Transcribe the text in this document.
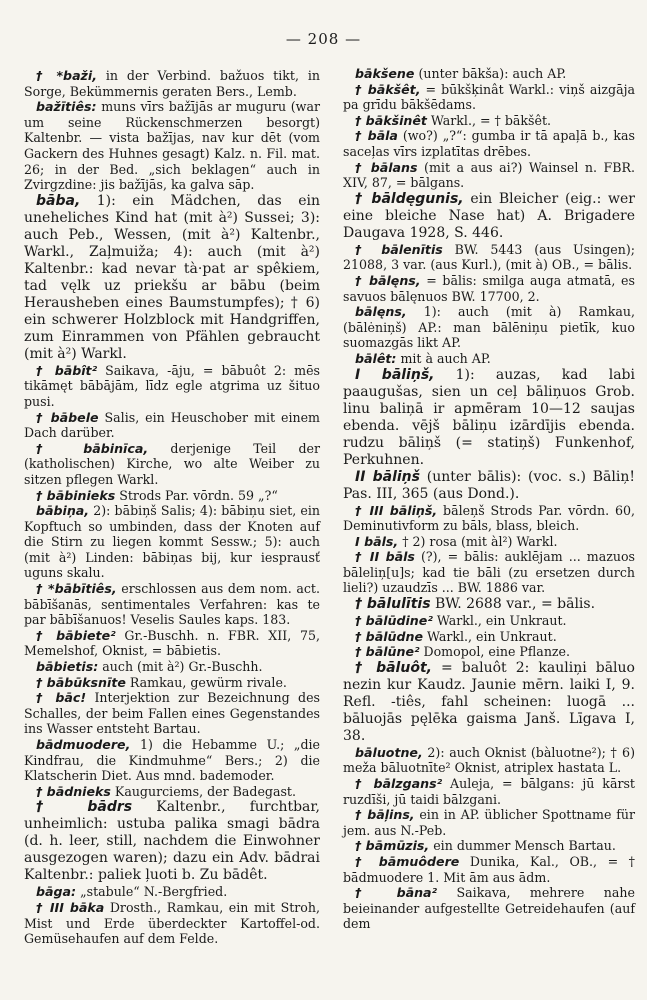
— 208 —

† *baži, in der Verbind. bažuos tikt, in Sorge, Bekümmernis geraten Bers., Lemb.

bažītiês: muns vīrs bažījās ar muguru (war um seine Rückenschmerzen besorgt) Kaltenbr. — vista bažījas, nav kur dēt (vom Gackern des Huhnes gesagt) Kalz. n. Fil. mat. 26; in der Bed. „sich beklagen“ auch in Zvirgzdine: jis bažījās, ka galva sāp.

bāba, 1): ein Mädchen, das ein uneheliches Kind hat (mit à²) Sussei; 3): auch Peb., Wessen, (mit à²) Kaltenbr., Warkl., Zaļmuiža; 4): auch (mit à²) Kaltenbr.: kad nevar tà·pat ar spêkiem, tad vęlk uz priekšu ar bābu (beim Herausheben eines Baumstumpfes); † 6) ein schwerer Holzblock mit Handgriffen, zum Einrammen von Pfählen gebraucht (mit à²) Warkl.

† bābît² Saikava, -āju, = bābuôt 2: mēs tikāmęt bābājām, līdz egle atgrima uz šituo pusi.

† bābele Salis, ein Heuschober mit einem Dach darüber.

† bābinīca, derjenige Teil der (katholischen) Kirche, wo alte Weiber zu sitzen pflegen Warkl.

† bābinieks Strods Par. vōrdn. 59 „?“

bābiņa, 2): bābiņš Salis; 4): bābiņu siet, ein Kopftuch so umbinden, dass der Knoten auf die Stirn zu liegen kommt Sessw.; 5): auch (mit à²) Linden: bābiņas bij, kur iesprausť uguns skalu.

† *bābītiês, erschlossen aus dem nom. act. bābīšanās, sentimentales Verfahren: kas te par bābīšanuos! Veselis Saules kaps. 183.

† bābiete² Gr.-Buschh. n. FBR. XII, 75, Memelshof, Oknist, = bābietis.

bābietis: auch (mit à²) Gr.-Buschh.

† bābūksnīte Ramkau, gewürm rivale.

† bāc! Interjektion zur Bezeichnung des Schalles, der beim Fallen eines Gegenstandes ins Wasser entsteht Bartau.

bādmuodere, 1) die Hebamme U.; „die Kindfrau, die Kindmuhme“ Bers.; 2) die Klatscherin Diet. Aus mnd. bademoder.

† bādnieks Kaugurciems, der Badegast.

† bādrs Kaltenbr., furchtbar, unheimlich: ustuba palika smagi bādra (d. h. leer, still, nachdem die Einwohner ausgezogen waren); dazu ein Adv. bādrai Kaltenbr.: paliek ļuoti b. Zu bādêt.

bāga: „stabule“ N.-Bergfried.

† III bāka Drosth., Ramkau, ein mit Stroh, Mist und Erde überdeckter Kartoffel-od. Gemüsehaufen auf dem Felde.

bākšene (unter bākša): auch AP.

† bākšêt, = būkšķinât Warkl.: viņš aizgāja pa grīdu bākšēdams.

† bākšinêt Warkl., = † bākšêt.

† bāla (wo?) „?“: gumba ir tā apaļā b., kas saceļas vīrs izplatītas drēbes.

† bālans (mit a aus ai?) Wainsel n. FBR. XIV, 87, = bālgans.

† bāldęgunis, ein Bleicher (eig.: wer eine bleiche Nase hat) A. Brigadere Daugava 1928, S. 446.

† bālenītis BW. 5443 (aus Usingen); 21088, 3 var. (aus Kurl.), (mit à) OB., = bālis.

† bālęns, = bālis: smilga auga atmatā, es savuos bālęnuos BW. 17700, 2.

bālęns, 1): auch (mit à) Ramkau, (bālėniņš) AP.: man bālēniņu pietīk, kuo suomazgās likt AP.

bālêt: mit à auch AP.

I bāliņš, 1): auzas, kad labi paaugušas, sien un ceļ bāliņuos Grob. linu baliņā ir apmēram 10—12 saujas ebenda. vējš bāliņu izārdījis ebenda. rudzu bāliņš (= statiņš) Funkenhof, Perkuhnen.

II bāliņš (unter bālis): (voc. s.) Bāliņ! Pas. III, 365 (aus Dond.).

† III bāliņš, bāleņš Strods Par. vōrdn. 60, Deminutivform zu bāls, blass, bleich.

I bāls, † 2) rosa (mit àl²) Warkl.

† II bāls (?), = bālis: auklējam ... mazuos bāleliņ[u]s; kad tie bāli (zu ersetzen durch lieli?) uzaudzīs ... BW. 1886 var.

† bālulītis BW. 2688 var., = bālis.

† bālūdine² Warkl., ein Unkraut.

† bālūdne Warkl., ein Unkraut.

† bālūne² Domopol, eine Pflanze.

† bāluôt, = baluôt 2: kauliņi bāluo nezin kur Kaudz. Jaunie mērn. laiki I, 9. Refl. -tiês, fahl scheinen: luogā ... bāluojās pęlēka gaisma Janš. Līgava I, 38.

bāluotne, 2): auch Oknist (bàluotne²); † 6) meža bāluotnīte² Oknist, atriplex hastata L.

† bālzgans² Auleja, = bālgans: jū kārst ruzdīši, jū taidi bālzgani.

† bāļins, ein in AP. üblicher Spottname für jem. aus N.-Peb.

† bāmūzis, ein dummer Mensch Bartau.

† bāmuôdere Dunika, Kal., OB., = † bādmuodere 1. Mit ām aus ādm.

† bāna² Saikava, mehrere nahe beieinander aufgestellte Getreidehaufen (auf dem
